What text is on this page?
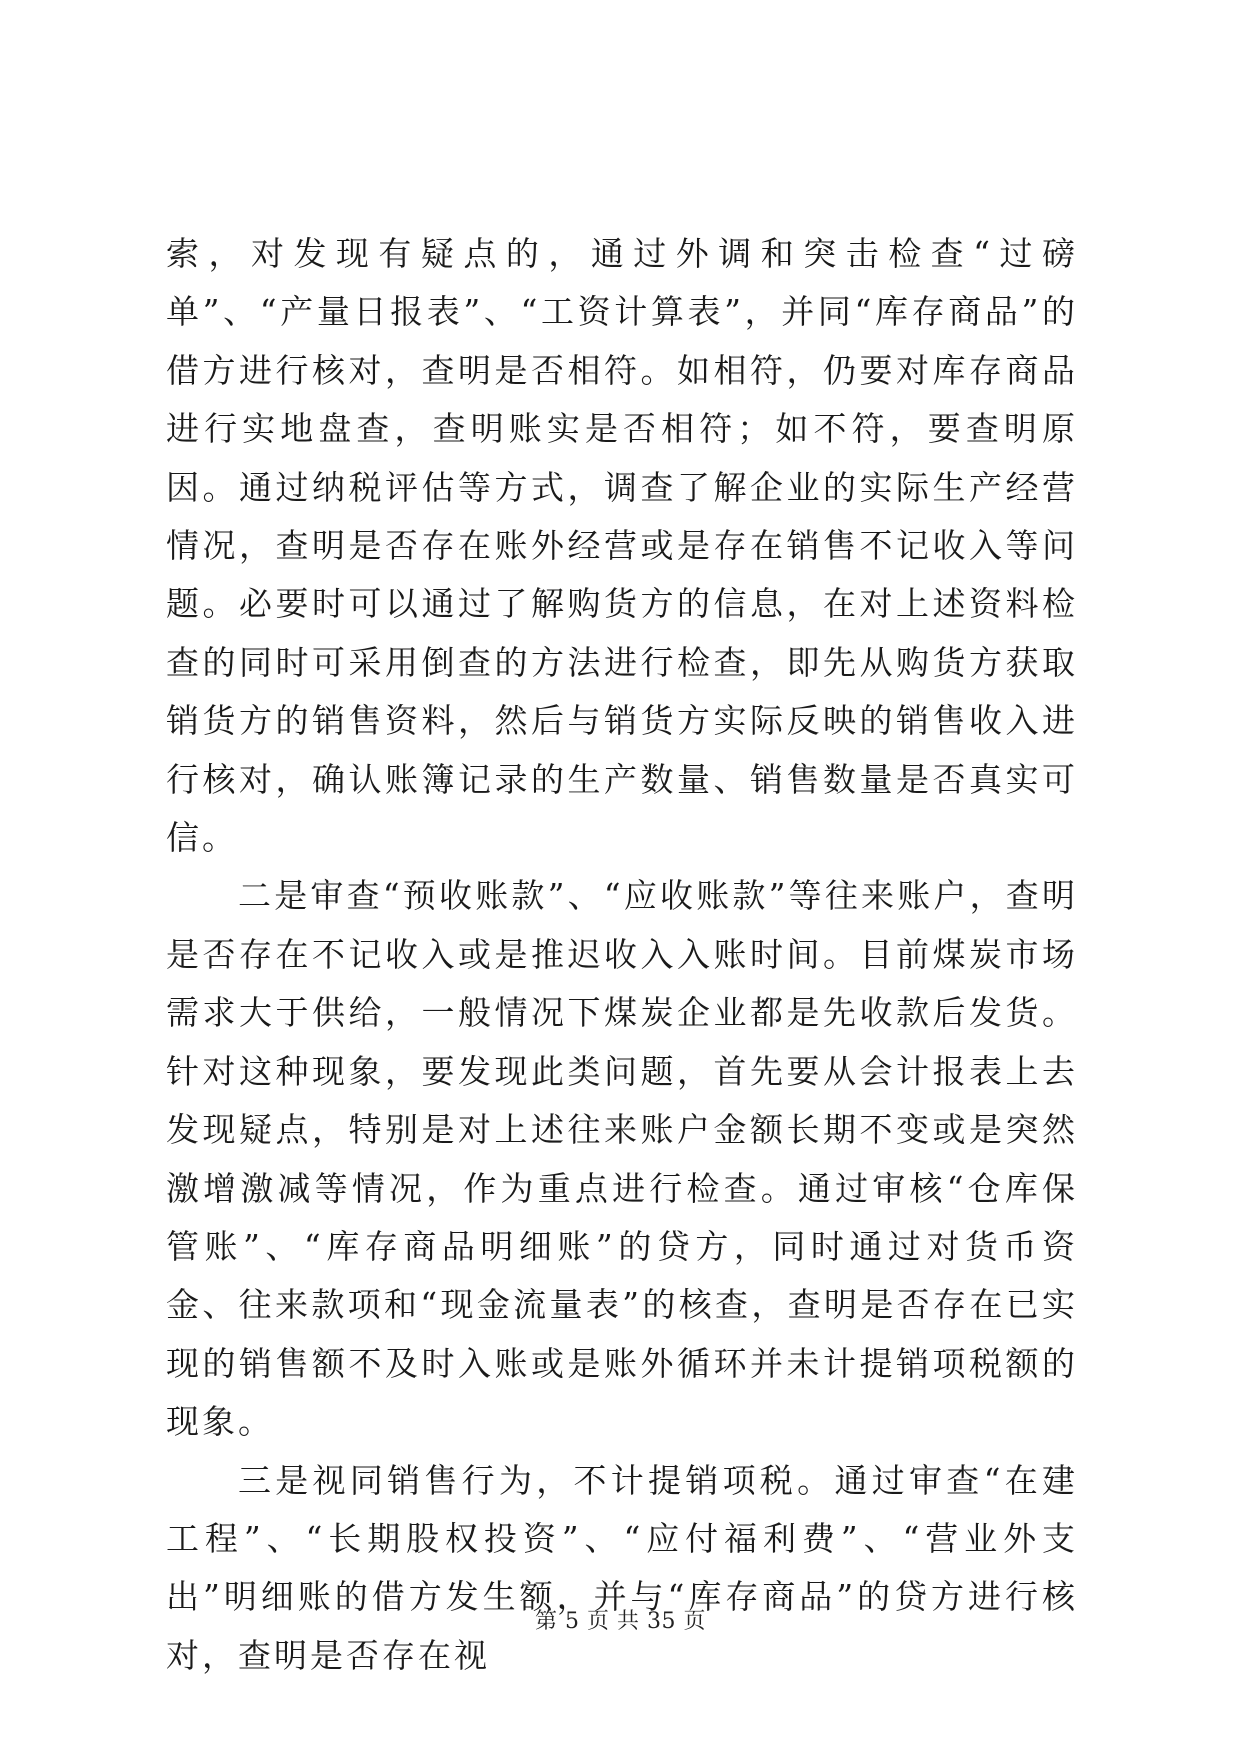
索，对发现有疑点的，通过外调和突击检查“过磅单”、“产量日报表”、“工资计算表”，并同“库存商品”的借方进行核对，查明是否相符。如相符，仍要对库存商品进行实地盘查，查明账实是否相符；如不符，要查明原因。通过纳税评估等方式，调查了解企业的实际生产经营情况，查明是否存在账外经营或是存在销售不记收入等问题。必要时可以通过了解购货方的信息，在对上述资料检查的同时可采用倒查的方法进行检查，即先从购货方获取销货方的销售资料，然后与销货方实际反映的销售收入进行核对，确认账簿记录的生产数量、销售数量是否真实可信。

二是审查“预收账款”、“应收账款”等往来账户，查明是否存在不记收入或是推迟收入入账时间。目前煤炭市场需求大于供给，一般情况下煤炭企业都是先收款后发货。针对这种现象，要发现此类问题，首先要从会计报表上去发现疑点，特别是对上述往来账户金额长期不变或是突然激增激减等情况，作为重点进行检查。通过审核“仓库保管账”、“库存商品明细账”的贷方，同时通过对货币资金、往来款项和“现金流量表”的核查，查明是否存在已实现的销售额不及时入账或是账外循环并未计提销项税额的现象。

三是视同销售行为，不计提销项税。通过审查“在建工程”、“长期股权投资”、“应付福利费”、“营业外支出”明细账的借方发生额，并与“库存商品”的贷方进行核对，查明是否存在视

第 5 页 共 35 页
